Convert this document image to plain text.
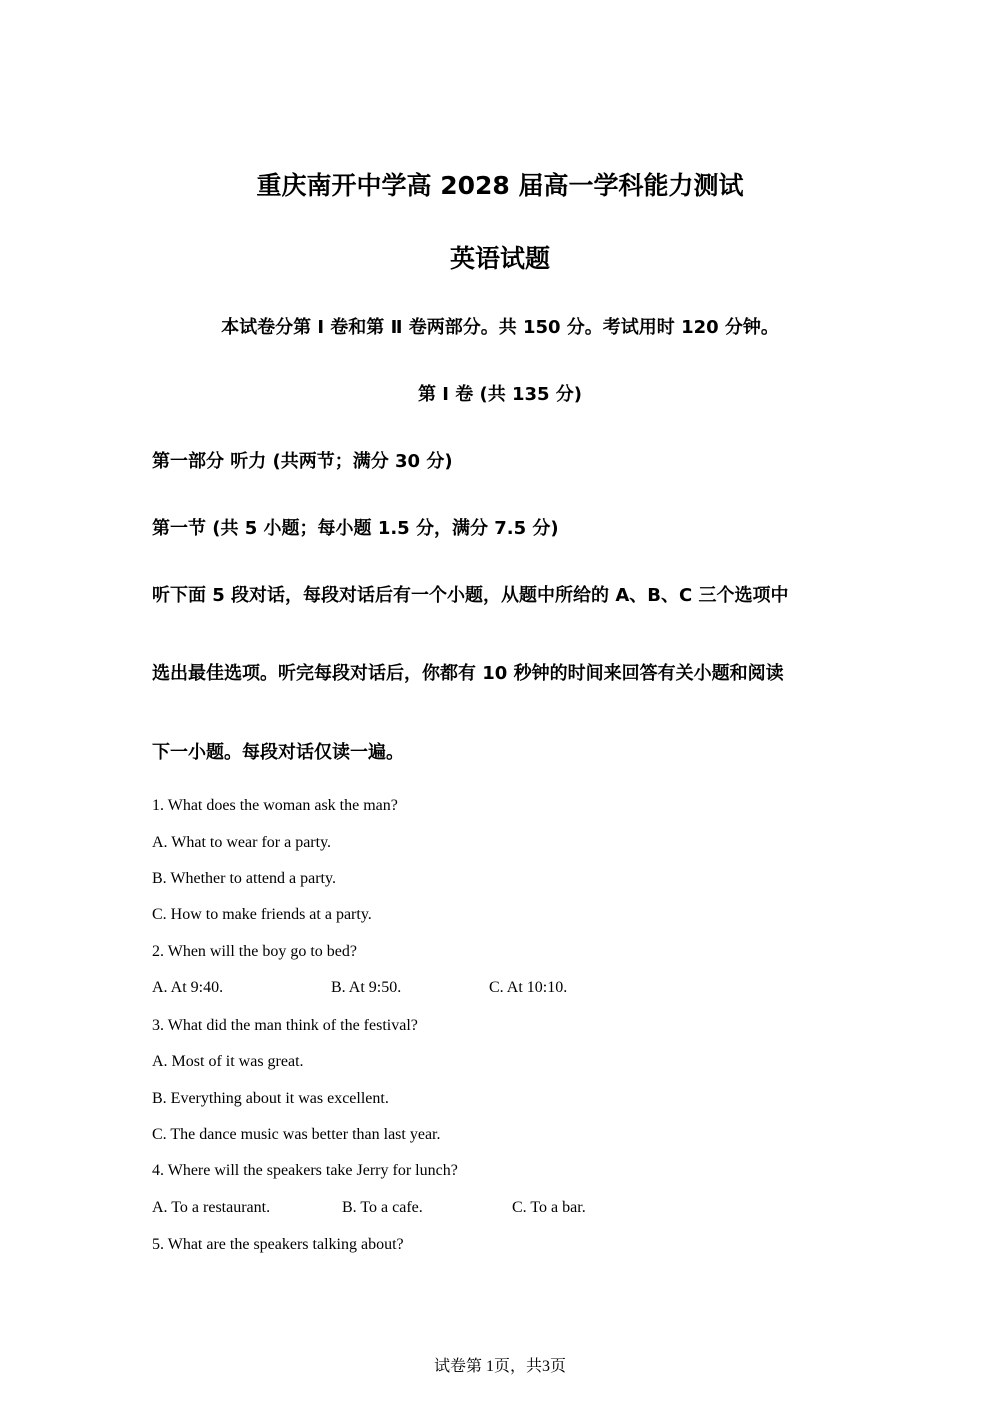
重庆南开中学高 2028 届高一学科能力测试
英语试题
本试卷分第 Ⅰ 卷和第 Ⅱ 卷两部分。共 150 分。考试用时 120 分钟。
第 Ⅰ 卷 (共 135 分)
第一部分 听力 (共两节；满分 30 分)
第一节 (共 5 小题；每小题 1.5 分，满分 7.5 分)
听下面 5 段对话，每段对话后有一个小题，从题中所给的 A、B、C 三个选项中
选出最佳选项。听完每段对话后，你都有 10 秒钟的时间来回答有关小题和阅读
下一小题。每段对话仅读一遍。
1. What does the woman ask the man?
A. What to wear for a party.
B. Whether to attend a party.
C. How to make friends at a party.
2. When will the boy go to bed?
A. At 9:40.	B. At 9:50.	C. At 10:10.
3. What did the man think of the festival?
A. Most of it was great.
B. Everything about it was excellent.
C. The dance music was better than last year.
4. Where will the speakers take Jerry for lunch?
A. To a restaurant.	B. To a cafe.	C. To a bar.
5. What are the speakers talking about?
试卷第 1页，共3页
